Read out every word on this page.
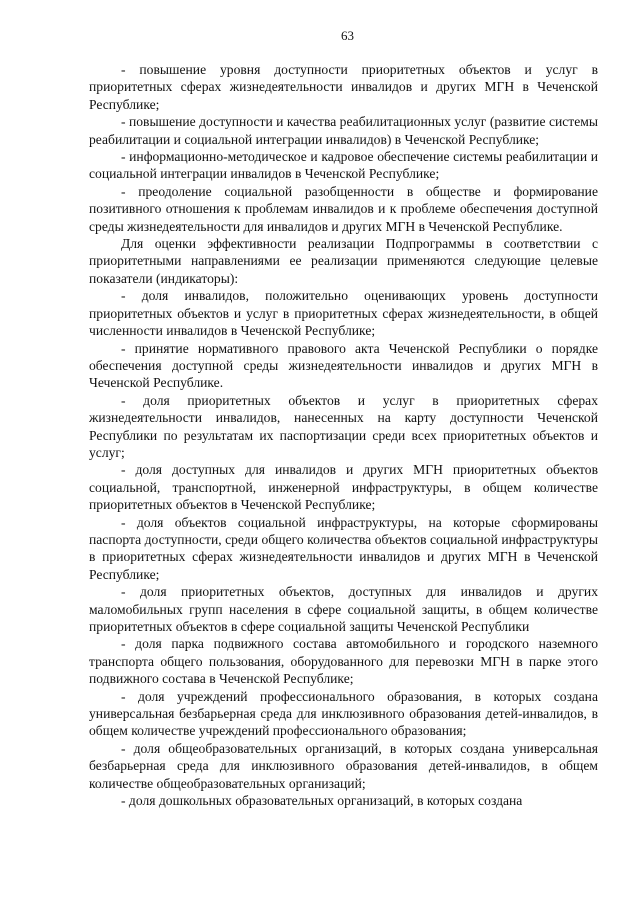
63

- повышение уровня доступности приоритетных объектов и услуг в приоритетных сферах жизнедеятельности инвалидов и других МГН в Чеченской Республике;

- повышение доступности и качества реабилитационных услуг (развитие системы реабилитации и социальной интеграции инвалидов) в Чеченской Республике;

- информационно-методическое и кадровое обеспечение системы реабилитации и социальной интеграции инвалидов в Чеченской Республике;

- преодоление социальной разобщенности в обществе и формирование позитивного отношения к проблемам инвалидов и к проблеме обеспечения доступной среды жизнедеятельности для инвалидов и других МГН в Чеченской Республике.

Для оценки эффективности реализации Подпрограммы в соответствии с приоритетными направлениями ее реализации применяются следующие целевые показатели (индикаторы):

- доля инвалидов, положительно оценивающих уровень доступности приоритетных объектов и услуг в приоритетных сферах жизнедеятельности, в общей численности инвалидов в Чеченской Республике;

- принятие нормативного правового акта Чеченской Республики о порядке обеспечения доступной среды жизнедеятельности инвалидов и других МГН в Чеченской Республике.

- доля приоритетных объектов и услуг в приоритетных сферах жизнедеятельности инвалидов, нанесенных на карту доступности Чеченской Республики по результатам их паспортизации среди всех приоритетных объектов и услуг;

- доля доступных для инвалидов и других МГН приоритетных объектов социальной, транспортной, инженерной инфраструктуры, в общем количестве приоритетных объектов в Чеченской Республике;

- доля объектов социальной инфраструктуры, на которые сформированы паспорта доступности, среди общего количества объектов социальной инфраструктуры в приоритетных сферах жизнедеятельности инвалидов и других МГН в Чеченской Республике;

- доля приоритетных объектов, доступных для инвалидов и других маломобильных групп населения в сфере социальной защиты, в общем количестве приоритетных объектов в сфере социальной защиты Чеченской Республики

- доля парка подвижного состава автомобильного и городского наземного транспорта общего пользования, оборудованного для перевозки МГН в парке этого подвижного состава в Чеченской Республике;

- доля учреждений профессионального образования, в которых создана универсальная безбарьерная среда для инклюзивного образования детей-инвалидов, в общем количестве учреждений профессионального образования;

- доля общеобразовательных организаций, в которых создана универсальная безбарьерная среда для инклюзивного образования детей-инвалидов, в общем количестве общеобразовательных организаций;

- доля дошкольных образовательных организаций, в которых создана
